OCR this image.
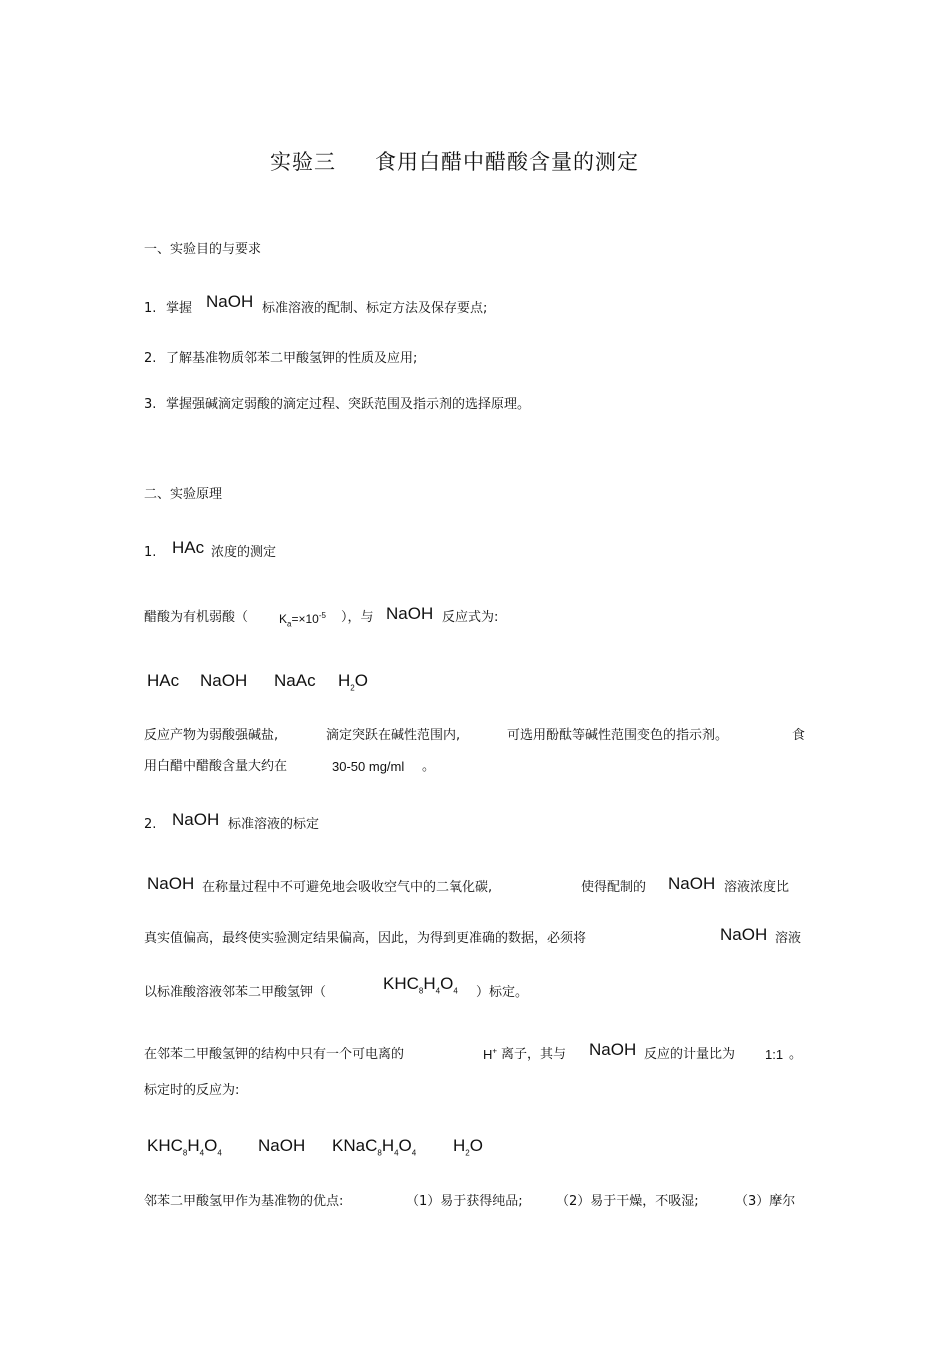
实验三 食用白醋中醋酸含量的测定
一、实验目的与要求
1. 掌握 NaOH 标准溶液的配制、标定方法及保存要点;
2. 了解基准物质邻苯二甲酸氢钾的性质及应用;
3. 掌握强碱滴定弱酸的滴定过程、突跃范围及指示剂的选择原理。
二、实验原理
1. HAc 浓度的测定
醋酸为有机弱酸（	$K_a=\times 10^{-5}$ ），与 NaOH 反应式为:
HAc NaOH NaAc $H_2O$
反应产物为弱酸强碱盐,	滴定突跃在碱性范围内,	可选用酚酞等碱性范围变色的指示剂。	食
用白醋中醋酸含量大约在	30-50 mg/ml 。
2. NaOH 标准溶液的标定
NaOH 在称量过程中不可避免地会吸收空气中的二氧化碳,	使得配制的 NaOH 溶液浓度比
真实值偏高，最终使实验测定结果偏高，因此，为得到更准确的数据，必须将	NaOH 溶液
以标准酸溶液邻苯二甲酸氢钾（	$KHC_8H_4O_4$ ）标定。
在邻苯二甲酸氢钾的结构中只有一个可电离的	H+ 离子，其与 NaOH 反应的计量比为 1:1 。
标定时的反应为:
$KHC_8H_4O_4$ NaOH $KNaC_8H_4O_4$ $H_2O$
邻苯二甲酸氢甲作为基准物的优点:	（1）易于获得纯品;	（2）易于干燥，不吸湿;	（3）摩尔
